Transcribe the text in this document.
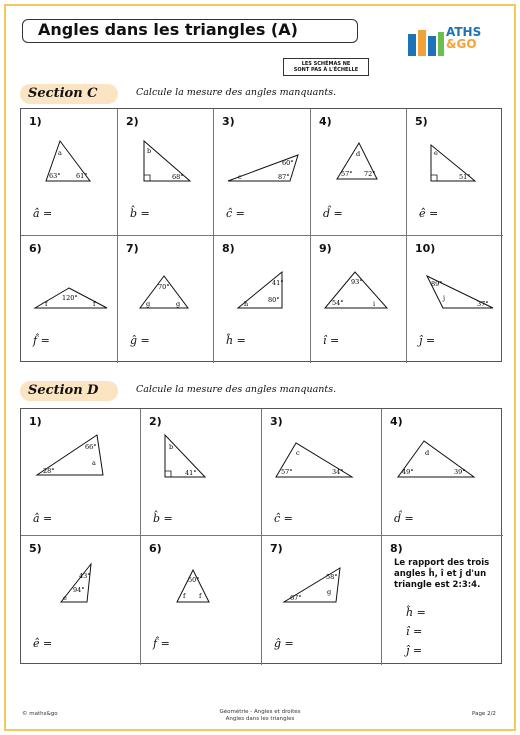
Angles dans les triangles (A)	ATHS
&GO
LES SCHÉMAS NE
SONT PAS À L'ÉCHELLE
Section C	Calcule la mesure des angles manquants.
1)
a
63° 61°
â =
2)
b
68°
b̂ =
3)
60°
c	87°
ĉ =
4)
d
57° 72°
d̂ =
5)
e
51°
ê =
6)
120°
f	f
f̂ =
7)
70°
g	g
ĝ =
8)
41°
80°
h
ĥ =
9)
93°
54°	i
î =
10)
89°
j
37°
ĵ =
Section D	Calcule la mesure des angles manquants.
1)
66°
a
28°
â =
2)
b
41°
b̂ =
3)
c
57°	34°
ĉ =
4)
d
49°	39°
d̂ =
5)
43°
94°
e
ê =
6)
50°
f f
f̂ =
7)
58°
67°
g
ĝ =
8)
Le rapport des trois angles ĥ, î et ĵ d'un triangle est 2:3:4.
ĥ =
î =
ĵ =
© maths&go	Géométrie - Angles et droites
Angles dans les triangles
Page 2/2
